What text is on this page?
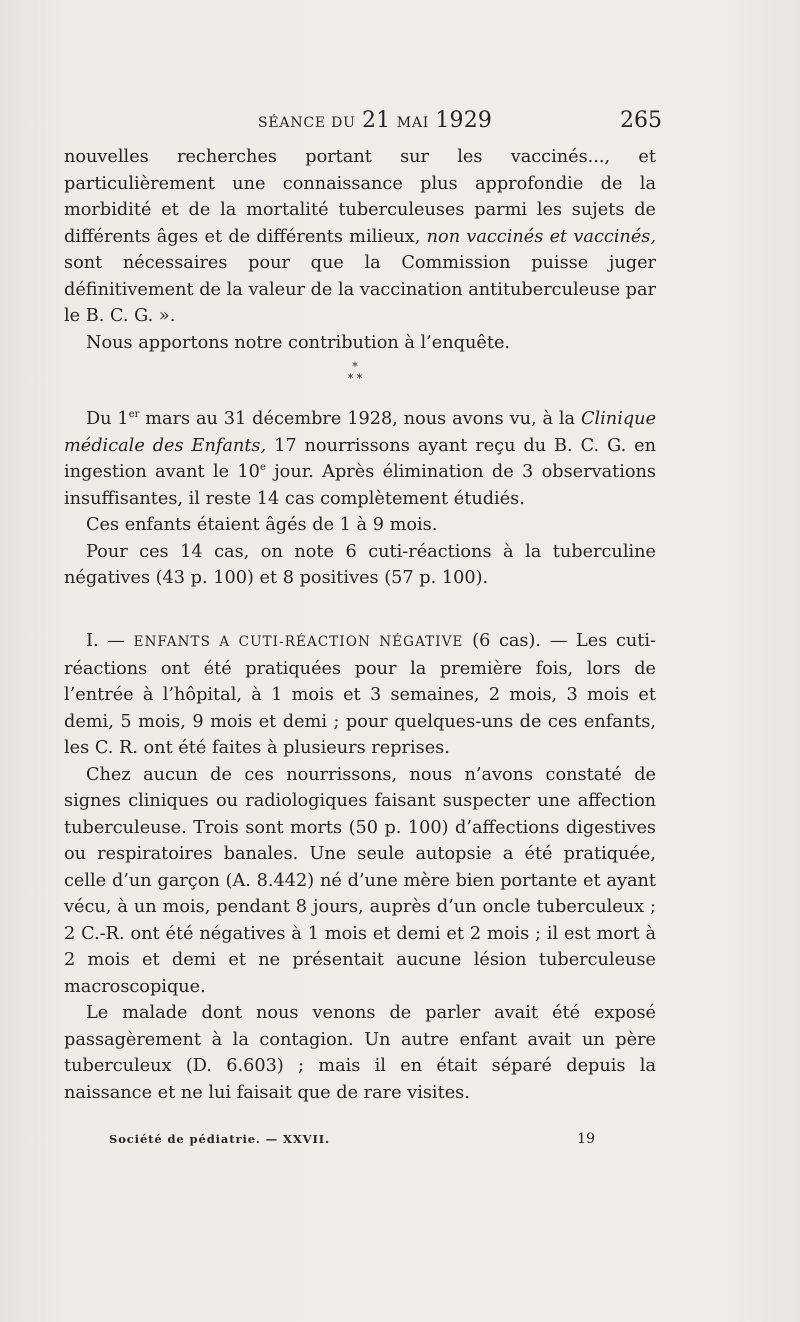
SÉANCE DU 21 MAI 1929	265

nouvelles recherches portant sur les vaccinés..., et particulièrement une connaissance plus approfondie de la morbidité et de la mortalité tuberculeuses parmi les sujets de différents âges et de différents milieux, non vaccinés et vaccinés, sont nécessaires pour que la Commission puisse juger définitivement de la valeur de la vaccination antituberculeuse par le B. C. G. ».

Nous apportons notre contribution à l’enquête.

*
* *

Du 1er mars au 31 décembre 1928, nous avons vu, à la Clinique médicale des Enfants, 17 nourrissons ayant reçu du B. C. G. en ingestion avant le 10e jour. Après élimination de 3 observations insuffisantes, il reste 14 cas complètement étudiés.

Ces enfants étaient âgés de 1 à 9 mois.

Pour ces 14 cas, on note 6 cuti-réactions à la tuberculine négatives (43 p. 100) et 8 positives (57 p. 100).

I. — ENFANTS A CUTI-RÉACTION NÉGATIVE (6 cas). — Les cuti-réactions ont été pratiquées pour la première fois, lors de l’entrée à l’hôpital, à 1 mois et 3 semaines, 2 mois, 3 mois et demi, 5 mois, 9 mois et demi ; pour quelques-uns de ces enfants, les C. R. ont été faites à plusieurs reprises.

Chez aucun de ces nourrissons, nous n’avons constaté de signes cliniques ou radiologiques faisant suspecter une affection tuberculeuse. Trois sont morts (50 p. 100) d’affections digestives ou respiratoires banales. Une seule autopsie a été pratiquée, celle d’un garçon (A. 8.442) né d’une mère bien portante et ayant vécu, à un mois, pendant 8 jours, auprès d’un oncle tuberculeux ; 2 C.-R. ont été négatives à 1 mois et demi et 2 mois ; il est mort à 2 mois et demi et ne présentait aucune lésion tuberculeuse macroscopique.

Le malade dont nous venons de parler avait été exposé passagèrement à la contagion. Un autre enfant avait un père tuberculeux (D. 6.603) ; mais il en était séparé depuis la naissance et ne lui faisait que de rare visites.

Société de pédiatrie. — XXVII.	19
